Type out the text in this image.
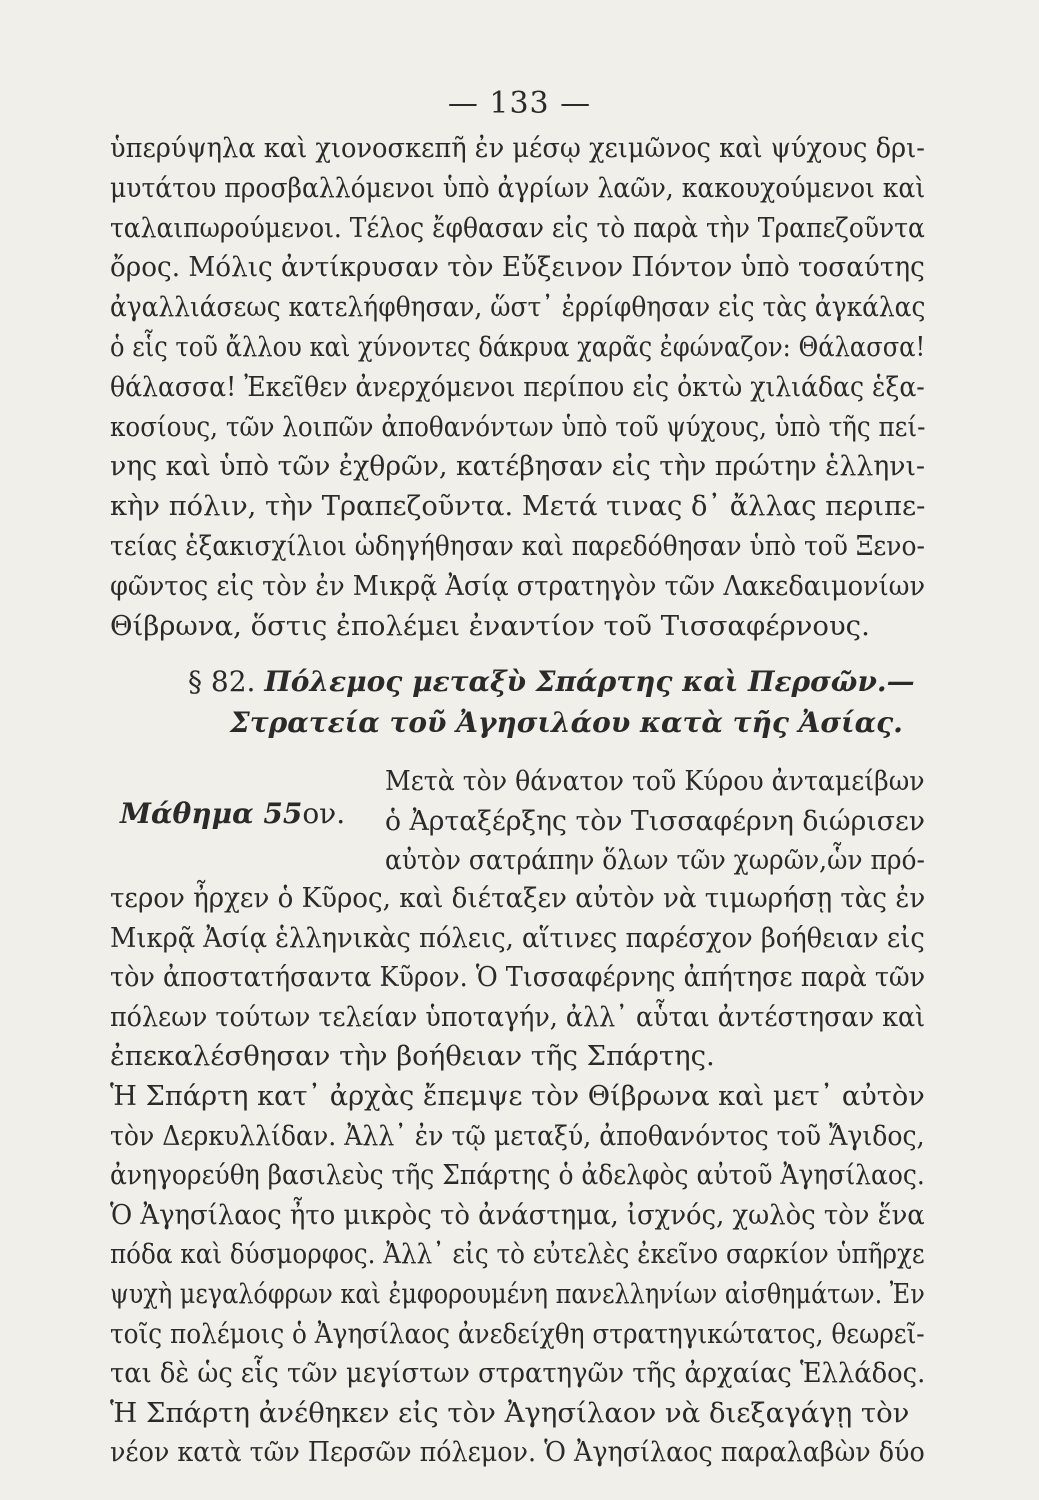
— 133 —
ὑπερύψηλα καὶ χιονοσκεπῆ ἐν μέσῳ χειμῶνος καὶ ψύχους δρι-
μυτάτου προσβαλλόμενοι ὑπὸ ἀγρίων λαῶν, κακουχούμενοι καὶ
ταλαιπωρούμενοι. Τέλος ἔφθασαν εἰς τὸ παρὰ τὴν Τραπεζοῦντα
ὄρος. Μόλις ἀντίκρυσαν τὸν Εὔξεινον Πόντον ὑπὸ τοσαύτης
ἀγαλλιάσεως κατελήφθησαν, ὥστ᾽ ἐρρίφθησαν εἰς τὰς ἀγκάλας
ὁ εἷς τοῦ ἄλλου καὶ χύνοντες δάκρυα χαρᾶς ἐφώναζον: Θάλασσα!
θάλασσα! Ἐκεῖθεν ἀνερχόμενοι περίπου εἰς ὀκτὼ χιλιάδας ἑξα-
κοσίους, τῶν λοιπῶν ἀποθανόντων ὑπὸ τοῦ ψύχους, ὑπὸ τῆς πεί-
νης καὶ ὑπὸ τῶν ἐχθρῶν, κατέβησαν εἰς τὴν πρώτην ἑλληνι-
κὴν πόλιν, τὴν Τραπεζοῦντα. Μετά τινας δ᾽ ἄλλας περιπε-
τείας ἑξακισχίλιοι ὡδηγήθησαν καὶ παρεδόθησαν ὑπὸ τοῦ Ξενο-
φῶντος εἰς τὸν ἐν Μικρᾷ Ἀσίᾳ στρατηγὸν τῶν Λακεδαιμονίων
Θίβρωνα, ὅστις ἐπολέμει ἐναντίον τοῦ Τισσαφέρνους.
§ 82. Πόλεμος μεταξὺ Σπάρτης καὶ Περσῶν.—
Στρατεία τοῦ Ἀγησιλάου κατὰ τῆς Ἀσίας.
Μάθημα 55ον.
Μετὰ τὸν θάνατον τοῦ Κύρου ἀνταμείβων
ὁ Ἀρταξέρξης τὸν Τισσαφέρνη διώρισεν
αὐτὸν σατράπην ὅλων τῶν χωρῶν,ὧν πρό-
τερον ἦρχεν ὁ Κῦρος, καὶ διέταξεν αὐτὸν νὰ τιμωρήσῃ τὰς ἐν
Μικρᾷ Ἀσίᾳ ἑλληνικὰς πόλεις, αἵτινες παρέσχον βοήθειαν εἰς
τὸν ἀποστατήσαντα Κῦρον. Ὁ Τισσαφέρνης ἀπήτησε παρὰ τῶν
πόλεων τούτων τελείαν ὑποταγήν, ἀλλ᾽ αὗται ἀντέστησαν καὶ
ἐπεκαλέσθησαν τὴν βοήθειαν τῆς Σπάρτης.
Ἡ Σπάρτη κατ᾽ ἀρχὰς ἔπεμψε τὸν Θίβρωνα καὶ μετ᾽ αὐτὸν
τὸν Δερκυλλίδαν. Ἀλλ᾽ ἐν τῷ μεταξύ, ἀποθανόντος τοῦ Ἄγιδος,
ἀνηγορεύθη βασιλεὺς τῆς Σπάρτης ὁ ἀδελφὸς αὐτοῦ Ἀγησίλαος.
Ὁ Ἀγησίλαος ἦτο μικρὸς τὸ ἀνάστημα, ἰσχνός, χωλὸς τὸν ἕνα
πόδα καὶ δύσμορφος. Ἀλλ᾽ εἰς τὸ εὐτελὲς ἐκεῖνο σαρκίον ὑπῆρχε
ψυχὴ μεγαλόφρων καὶ ἐμφορουμένη πανελληνίων αἰσθημάτων. Ἐν
τοῖς πολέμοις ὁ Ἀγησίλαος ἀνεδείχθη στρατηγικώτατος, θεωρεῖ-
ται δὲ ὡς εἷς τῶν μεγίστων στρατηγῶν τῆς ἀρχαίας Ἑλλάδος.
Ἡ Σπάρτη ἀνέθηκεν εἰς τὸν Ἀγησίλαον νὰ διεξαγάγῃ τὸν
νέον κατὰ τῶν Περσῶν πόλεμον. Ὁ Ἀγησίλαος παραλαβὼν δύο
